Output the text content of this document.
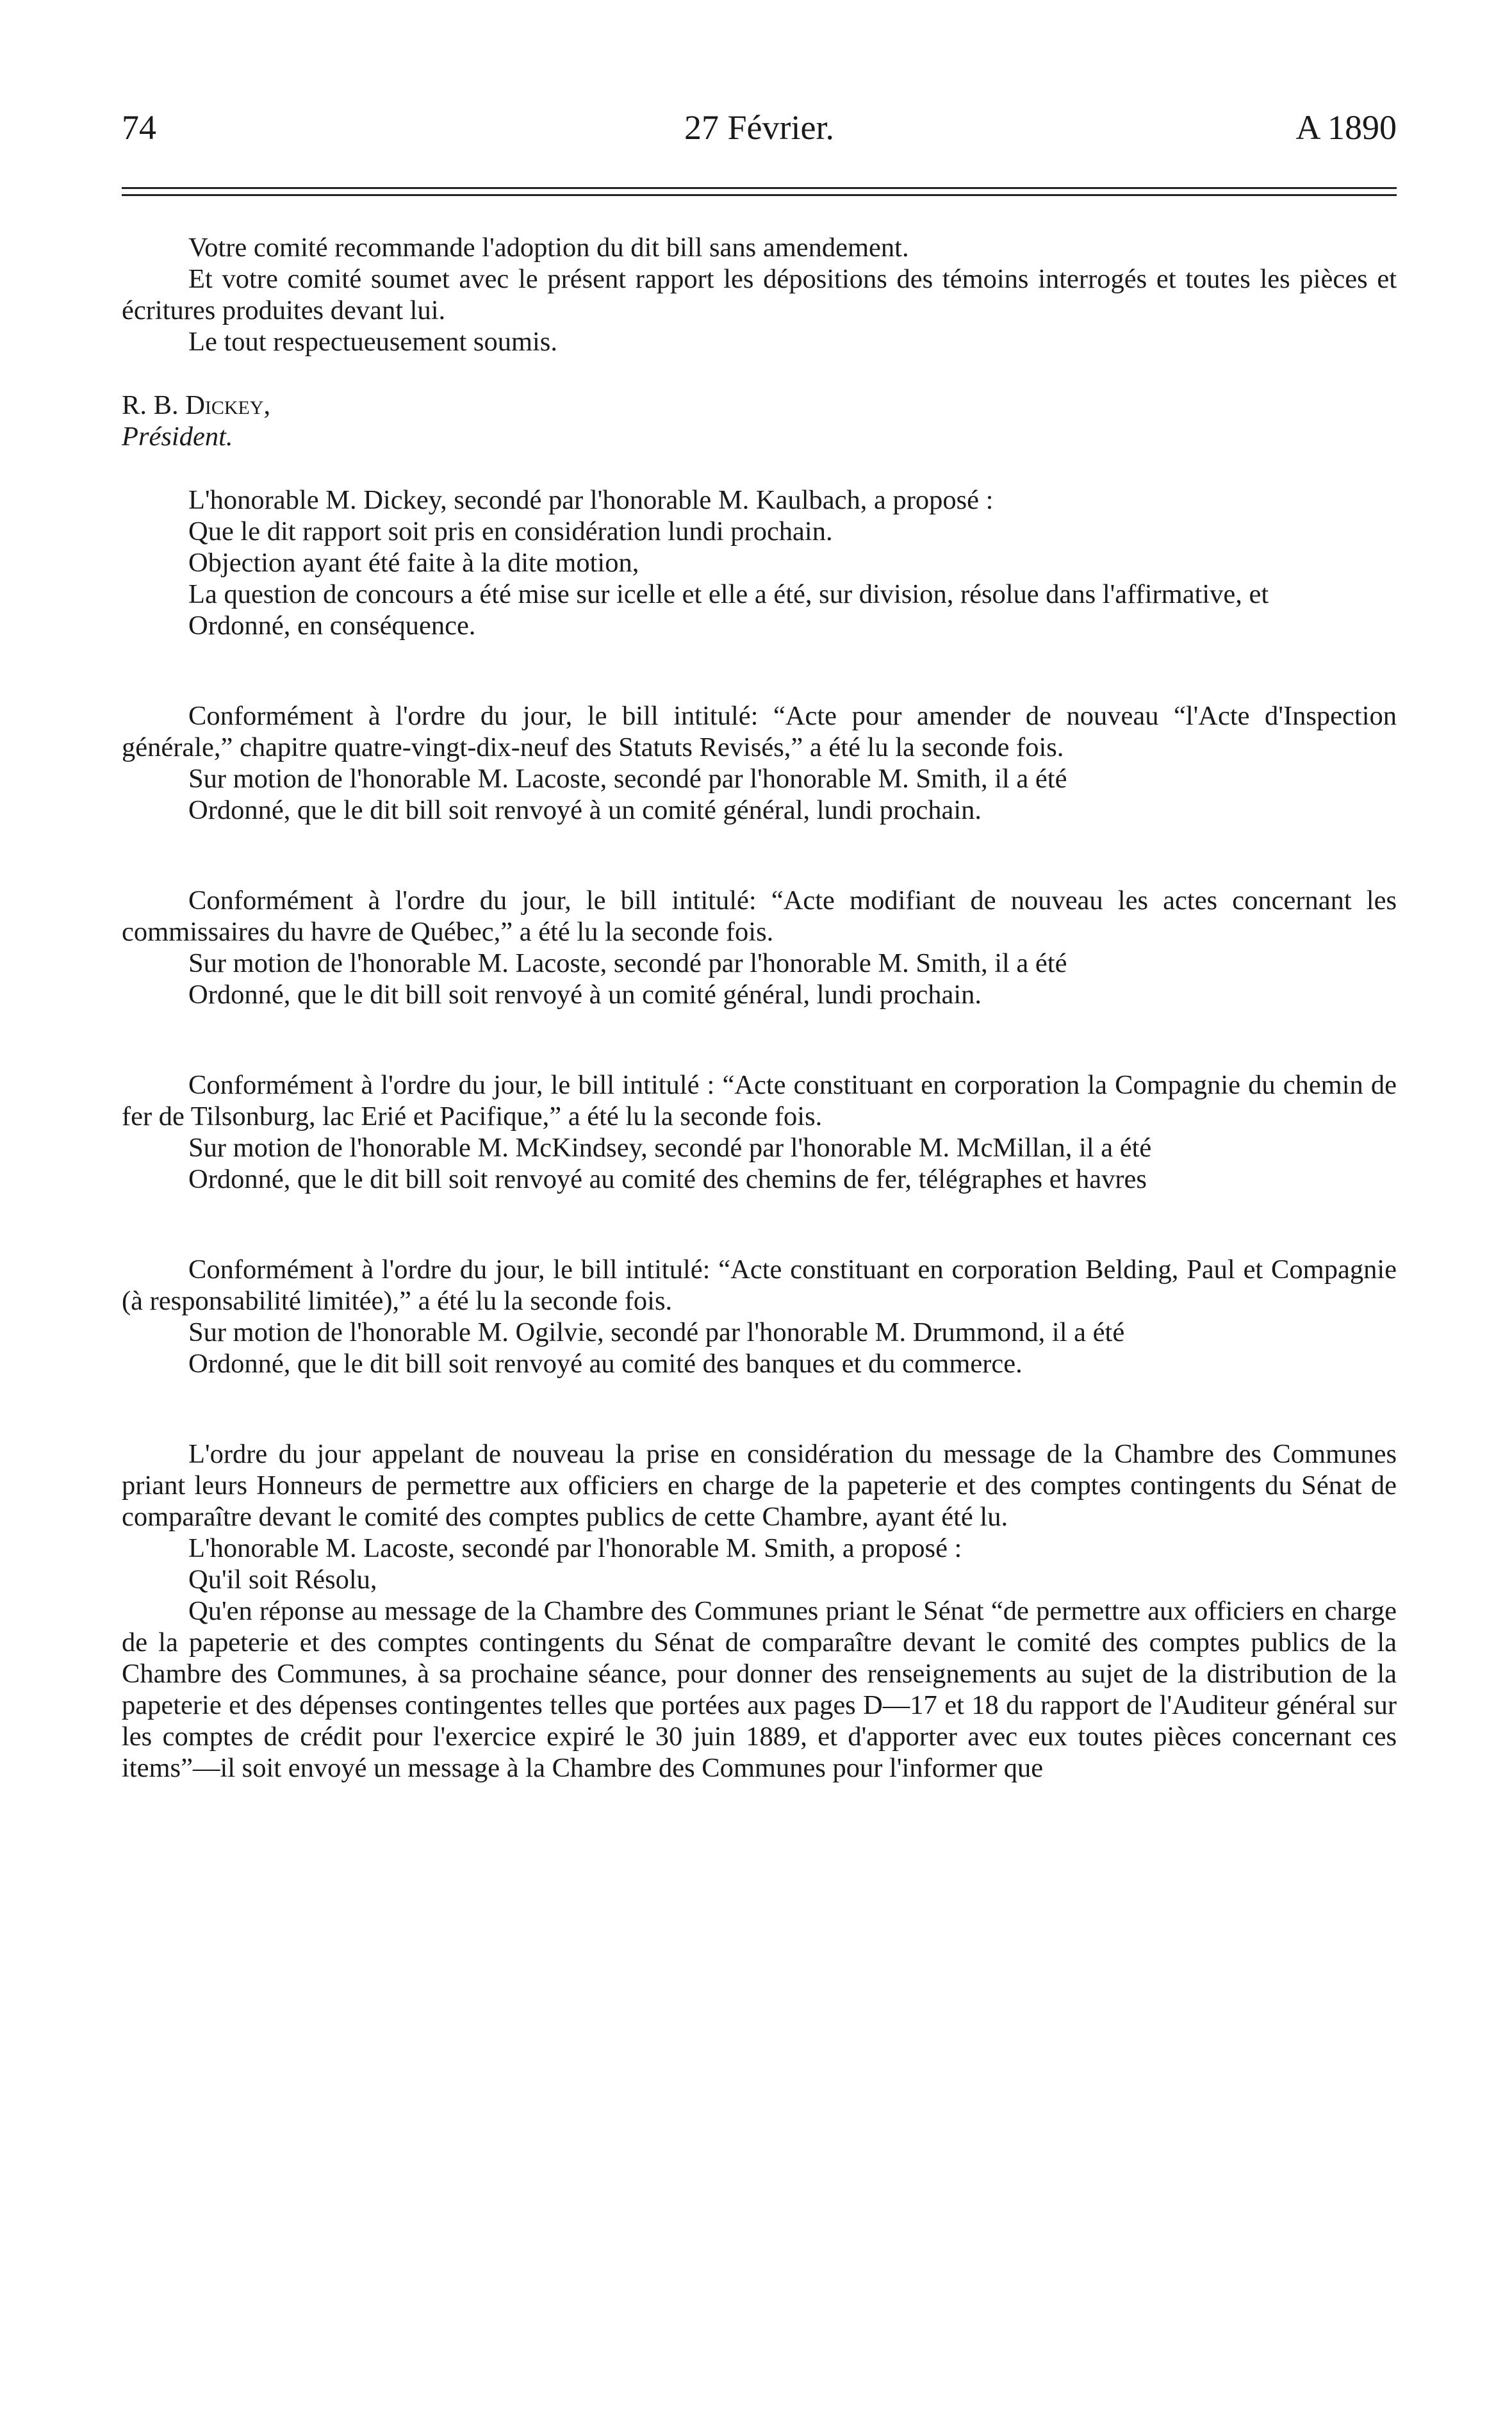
74	27 Février.	A 1890

Votre comité recommande l'adoption du dit bill sans amendement.

Et votre comité soumet avec le présent rapport les dépositions des témoins interrogés et toutes les pièces et écritures produites devant lui.

Le tout respectueusement soumis.

R. B. Dickey,

Président.

L'honorable M. Dickey, secondé par l'honorable M. Kaulbach, a proposé :

Que le dit rapport soit pris en considération lundi prochain.

Objection ayant été faite à la dite motion,

La question de concours a été mise sur icelle et elle a été, sur division, résolue dans l'affirmative, et

Ordonné, en conséquence.

Conformément à l'ordre du jour, le bill intitulé: “Acte pour amender de nouveau “l'Acte d'Inspection générale,” chapitre quatre-vingt-dix-neuf des Statuts Revisés,” a été lu la seconde fois.

Sur motion de l'honorable M. Lacoste, secondé par l'honorable M. Smith, il a été

Ordonné, que le dit bill soit renvoyé à un comité général, lundi prochain.

Conformément à l'ordre du jour, le bill intitulé: “Acte modifiant de nouveau les actes concernant les commissaires du havre de Québec,” a été lu la seconde fois.

Sur motion de l'honorable M. Lacoste, secondé par l'honorable M. Smith, il a été

Ordonné, que le dit bill soit renvoyé à un comité général, lundi prochain.

Conformément à l'ordre du jour, le bill intitulé : “Acte constituant en corporation la Compagnie du chemin de fer de Tilsonburg, lac Erié et Pacifique,” a été lu la seconde fois.

Sur motion de l'honorable M. McKindsey, secondé par l'honorable M. McMillan, il a été

Ordonné, que le dit bill soit renvoyé au comité des chemins de fer, télégraphes et havres

Conformément à l'ordre du jour, le bill intitulé: “Acte constituant en corporation Belding, Paul et Compagnie (à responsabilité limitée),” a été lu la seconde fois.

Sur motion de l'honorable M. Ogilvie, secondé par l'honorable M. Drummond, il a été

Ordonné, que le dit bill soit renvoyé au comité des banques et du commerce.

L'ordre du jour appelant de nouveau la prise en considération du message de la Chambre des Communes priant leurs Honneurs de permettre aux officiers en charge de la papeterie et des comptes contingents du Sénat de comparaître devant le comité des comptes publics de cette Chambre, ayant été lu.

L'honorable M. Lacoste, secondé par l'honorable M. Smith, a proposé :

Qu'il soit Résolu,

Qu'en réponse au message de la Chambre des Communes priant le Sénat “de permettre aux officiers en charge de la papeterie et des comptes contingents du Sénat de comparaître devant le comité des comptes publics de la Chambre des Communes, à sa prochaine séance, pour donner des renseignements au sujet de la distribution de la papeterie et des dépenses contingentes telles que portées aux pages D—17 et 18 du rapport de l'Auditeur général sur les comptes de crédit pour l'exercice expiré le 30 juin 1889, et d'apporter avec eux toutes pièces concernant ces items”—il soit envoyé un message à la Chambre des Communes pour l'informer que
